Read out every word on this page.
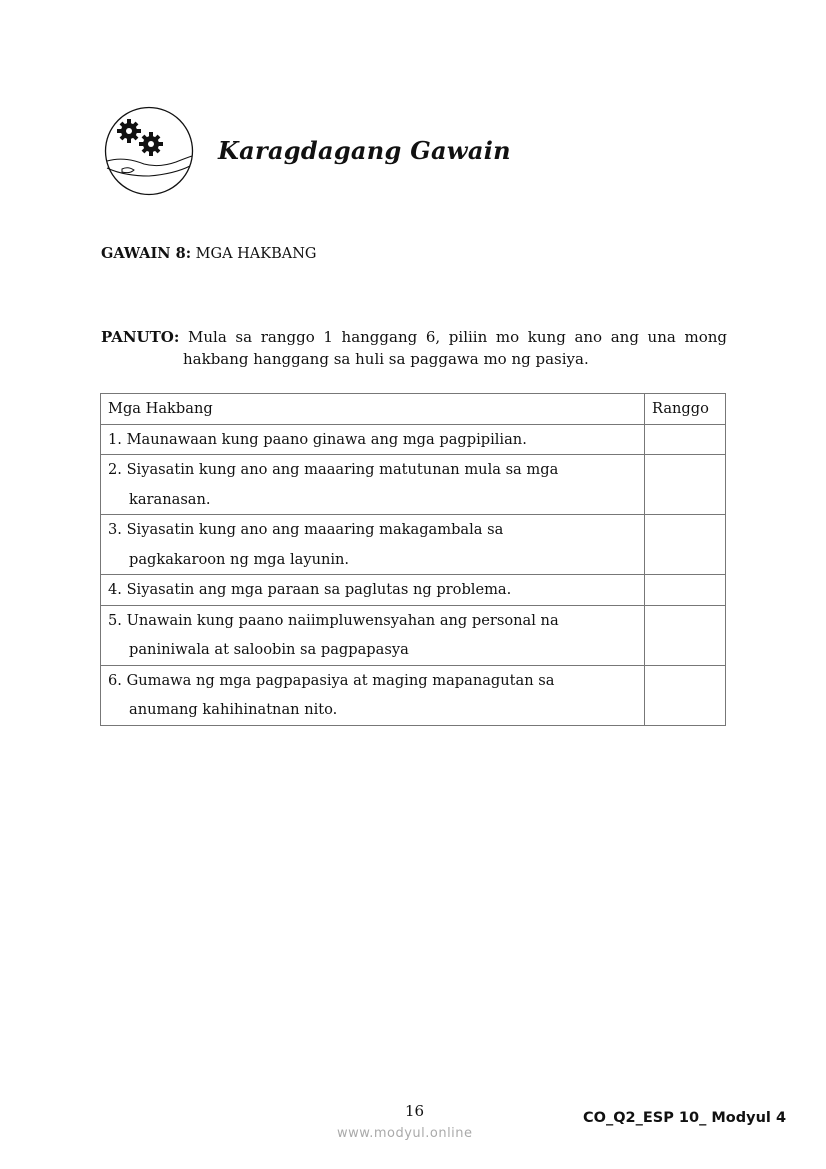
Karagdagang Gawain
GAWAIN 8: MGA HAKBANG
PANUTO: Mula sa ranggo 1 hanggang 6, piliin mo kung ano ang una mong
hakbang hanggang sa huli sa paggawa mo ng pasiya.
Mga Hakbang	Ranggo
1. Maunawaan kung paano ginawa ang mga pagpipilian.	
2. Siyasatin kung ano ang maaaring matutunan mula sa mga
karanasan.	

3. Siyasatin kung ano ang maaaring makagambala sa
pagkakaroon ng mga layunin.	

4. Siyasatin ang mga paraan sa paglutas ng problema.	
5. Unawain kung paano naiimpluwensyahan ang personal na
paniniwala at saloobin sa pagpapasya	

6. Gumawa ng mga pagpapasiya at maging mapanagutan sa
anumang kahihinatnan nito.	

16
www.modyul.online
CO_Q2_ESP 10_ Modyul 4
